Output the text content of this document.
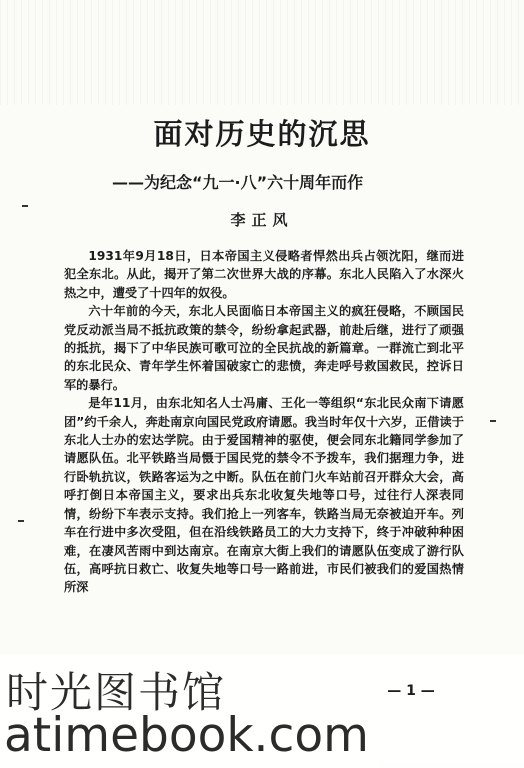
面对历史的沉思
——为纪念“九一·八”六十周年而作
李正风

1931年9月18日，日本帝国主义侵略者悍然出兵占领沈阳，继而进犯全东北。从此，揭开了第二次世界大战的序幕。东北人民陷入了水深火热之中，遭受了十四年的奴役。

六十年前的今天，东北人民面临日本帝国主义的疯狂侵略，不顾国民党反动派当局不抵抗政策的禁令，纷纷拿起武器，前赴后继，进行了顽强的抵抗，揭下了中华民族可歌可泣的全民抗战的新篇章。一群流亡到北平的东北民众、青年学生怀着国破家亡的悲愤，奔走呼号救国救民，控诉日军的暴行。

是年11月，由东北知名人士冯庸、王化一等组织“东北民众南下请愿团”约千余人，奔赴南京向国民党政府请愿。我当时年仅十六岁，正借读于东北人士办的宏达学院。由于爱国精神的驱使，便会同东北籍同学参加了请愿队伍。北平铁路当局慑于国民党的禁令不予拨车，我们据理力争，进行卧轨抗议，铁路客运为之中断。队伍在前门火车站前召开群众大会，高呼打倒日本帝国主义，要求出兵东北收复失地等口号，过往行人深表同情，纷纷下车表示支持。我们抢上一列客车，铁路当局无奈被迫开车。列车在行进中多次受阻，但在沿线铁路员工的大力支持下，终于冲破种种困难，在凄风苦雨中到达南京。在南京大街上我们的请愿队伍变成了游行队伍，高呼抗日救亡、收复失地等口号一路前进，市民们被我们的爱国热情所深

— 1 —
时光图书馆
atimebook.com
